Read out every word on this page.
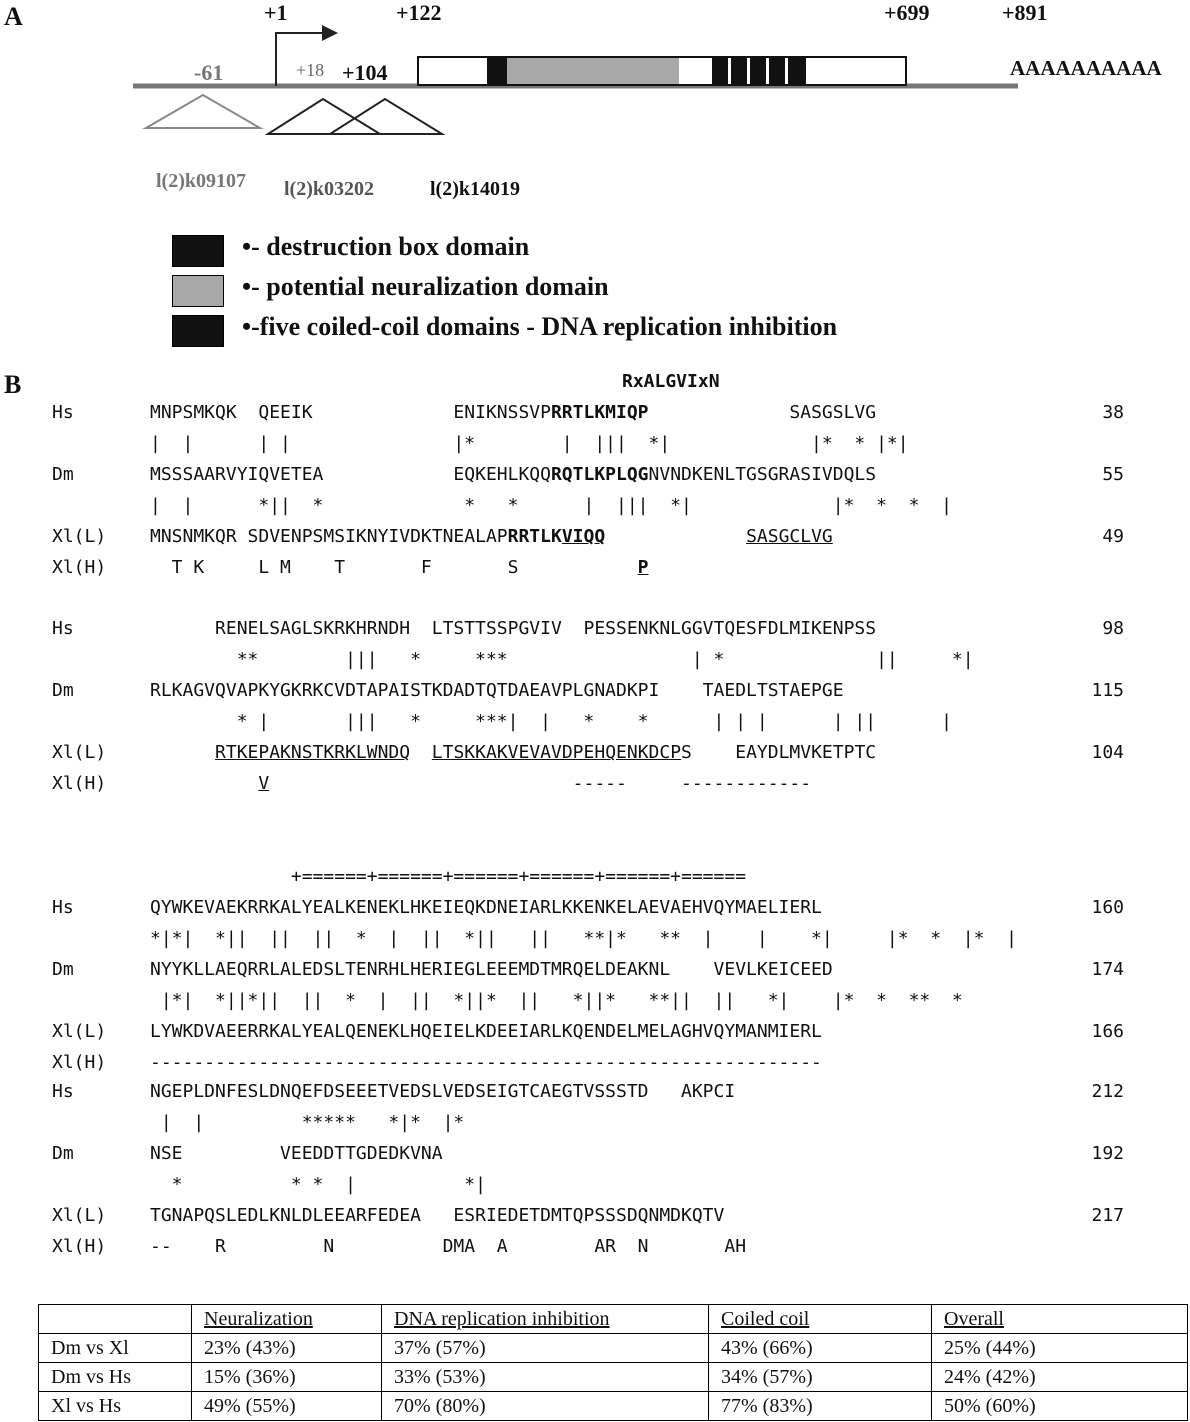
A	+1	+122	+699	+891
-61	+18 +104	AAAAAAAAAA
l(2)k09107 l(2)k03202	l(2)k14019
•- destruction box domain
•- potential neuralization domain
•-five coiled-coil domains - DNA replication inhibition
B	RxALGVIxN
Hs	MNPSMKQK  QEEIK             ENIKNSSVPRRTLKMIQP             SASGSLVG	38
|  |      | |               |*        |  |||  *|             |*  * |*|
Dm	MSSSAARVYIQVETEA            EQKEHLKQQRQTLKPLQGNVNDKENLTGSGRASIVDQLS	55
|  |      *||  *             *   *      |  |||  *|             |*  *  *  |
Xl(L) MNSNMKQR SDVENPSMSIKNYIVDKTNEALAPRRTLKVIQQ	SASGCLVG	49
Xl(H) T K     L M    T       F       S           P
Hs	RENELSAGLSKRKHRNDH  LTSTTSSPGVIV  PESSENKNLGGVTQESFDLMIKENPSS	98
**        |||   *     ***                 | *              ||     *|
Dm	RLKAGVQVAPKYGKRKCVDTAPAISTKDADTQTDAEAVPLGNADKPI    TAEDLTSTAEPGE	115
* |       |||   *     ***|  |   *    *      | | |      | ||      |
Xl(L)	RTKEPAKNSTKRKLWNDQ LTSKKAKVEVAVDPEHQENKDCPS    EAYDLMVKETPTC	104
Xl(H)	V                            -----     ------------
+======+======+======+======+======+======
Hs	QYWKEVAEKRRKALYEALKENEKLHKEIEQKDNEIARLKKENKELAEVAEHVQYMAELIERL	160
*|*|  *||  ||  ||  *  |  ||  *||   ||   **|*   **  |    |    *|     |*  *  |*  |
Dm	NYYKLLAEQRRLALEDSLTENRHLHERIEGLEEEMDTMRQELDEAKNL    VEVLKEICEED	174
|*|  *||*||  ||  *  |  ||  *||*  ||   *||*   **||  ||   *|    |*  *  **  *
Xl(L) LYWKDVAEERRKALYEALQENEKLHQEIELKDEEIARLKQENDELMELAGHVQYMANMIERL	166
Xl(H) --------------------------------------------------------------
Hs	NGEPLDNFESLDNQEFDSEEETVEDSLVEDSEIGTCAEGTVSSSTD   AKPCI	212
|  |         *****   *|*  |*
Dm	NSE         VEEDDTTGDEDKVNA	192
*          * *  |          *|
Xl(L) TGNAPQSLEDLKNLDLEEARFEDEA   ESRIEDETDMTQPSSSDQNMDKQTV	217
Xl(H) --    R         N          DMA  A        AR  N       AH
	Neuralization	DNA replication inhibition	Coiled coil	Overall
Dm vs Xl	23% (43%)	37% (57%)	43% (66%)	25% (44%)
Dm vs Hs	15% (36%)	33% (53%)	34% (57%)	24% (42%)
Xl vs Hs	49% (55%)	70% (80%)	77% (83%)	50% (60%)
